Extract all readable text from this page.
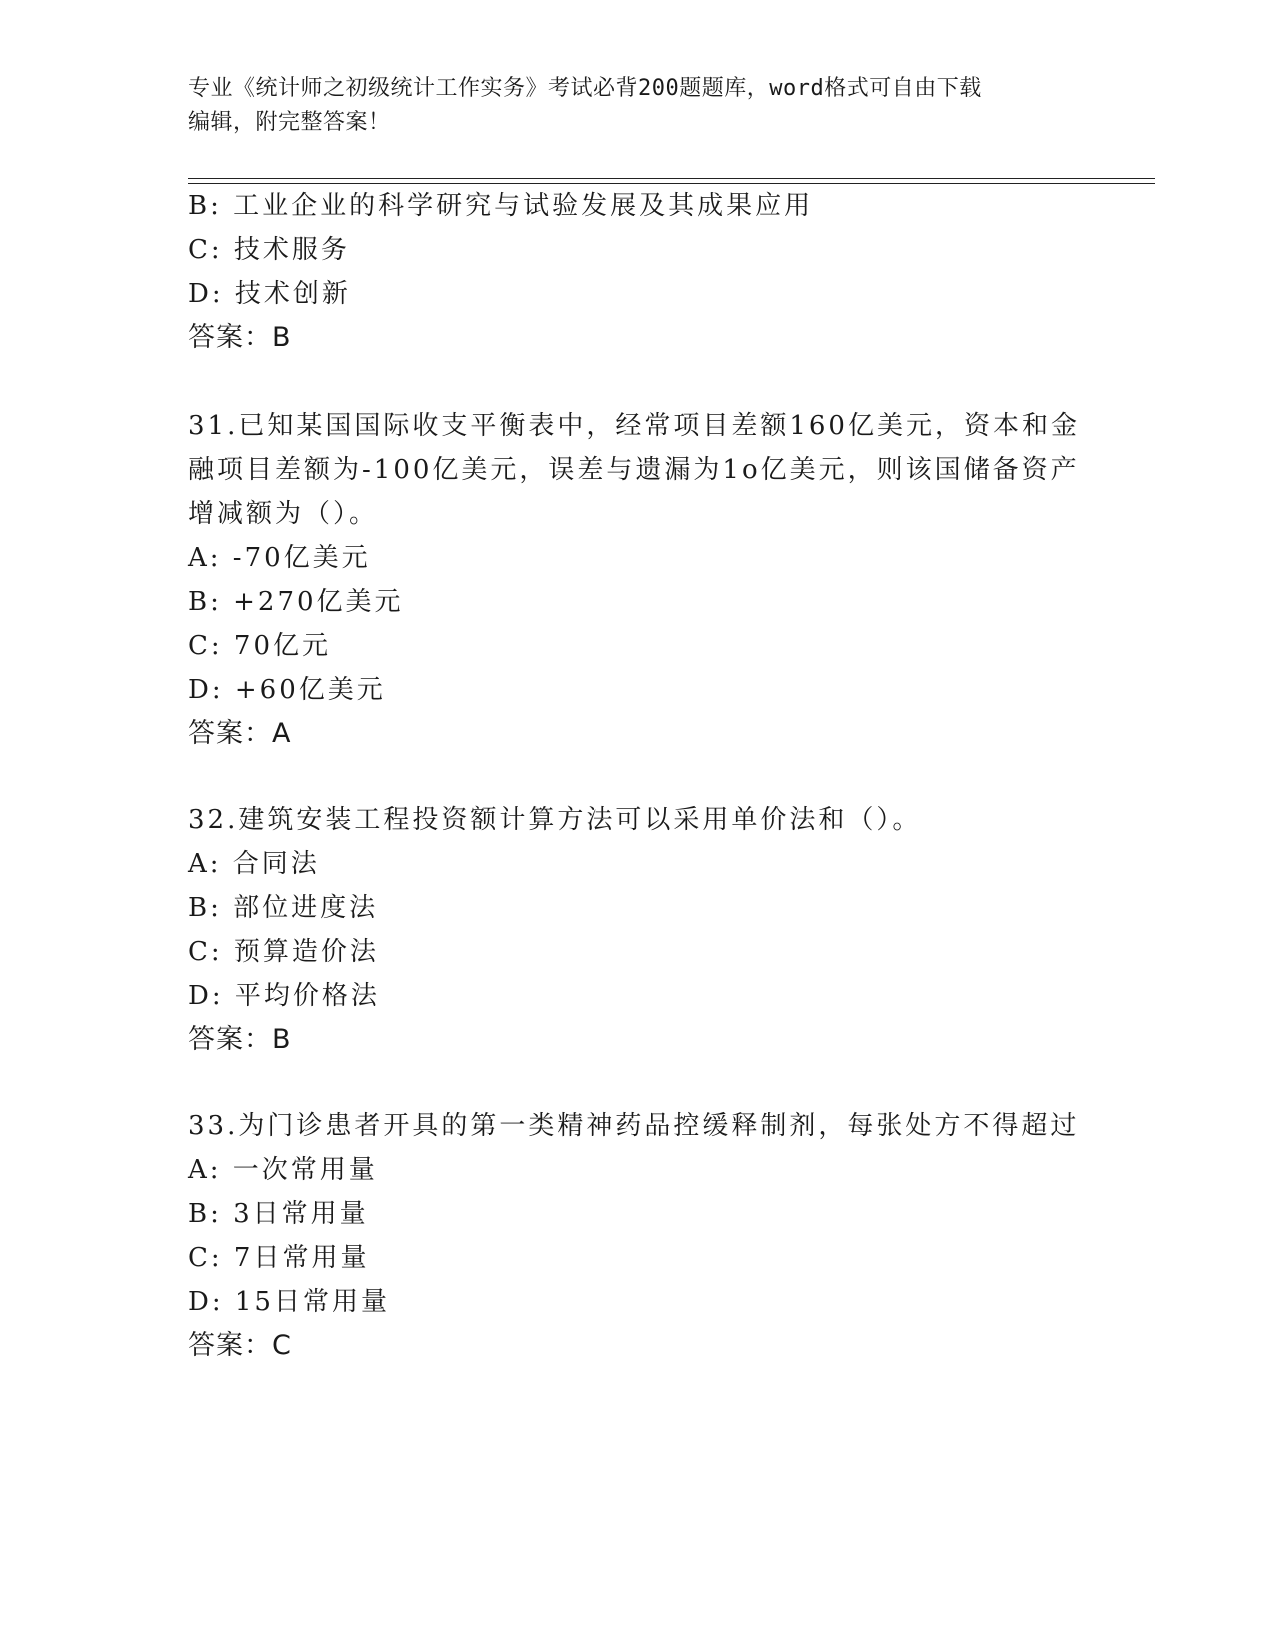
专业《统计师之初级统计工作实务》考试必背200题题库，word格式可自由下载
编辑，附完整答案！
B: 工业企业的科学研究与试验发展及其成果应用
C: 技术服务
D: 技术创新
答案：B
31.已知某国国际收支平衡表中，经常项目差额160亿美元，资本和金
融项目差额为-100亿美元，误差与遗漏为1o亿美元，则该国储备资产
增减额为（）。
A: -70亿美元
B: +270亿美元
C: 70亿元
D: +60亿美元
答案：A
32.建筑安装工程投资额计算方法可以采用单价法和（）。
A: 合同法
B: 部位进度法
C: 预算造价法
D: 平均价格法
答案：B
33.为门诊患者开具的第一类精神药品控缓释制剂，每张处方不得超过
A: 一次常用量
B: 3日常用量
C: 7日常用量
D: 15日常用量
答案：C
